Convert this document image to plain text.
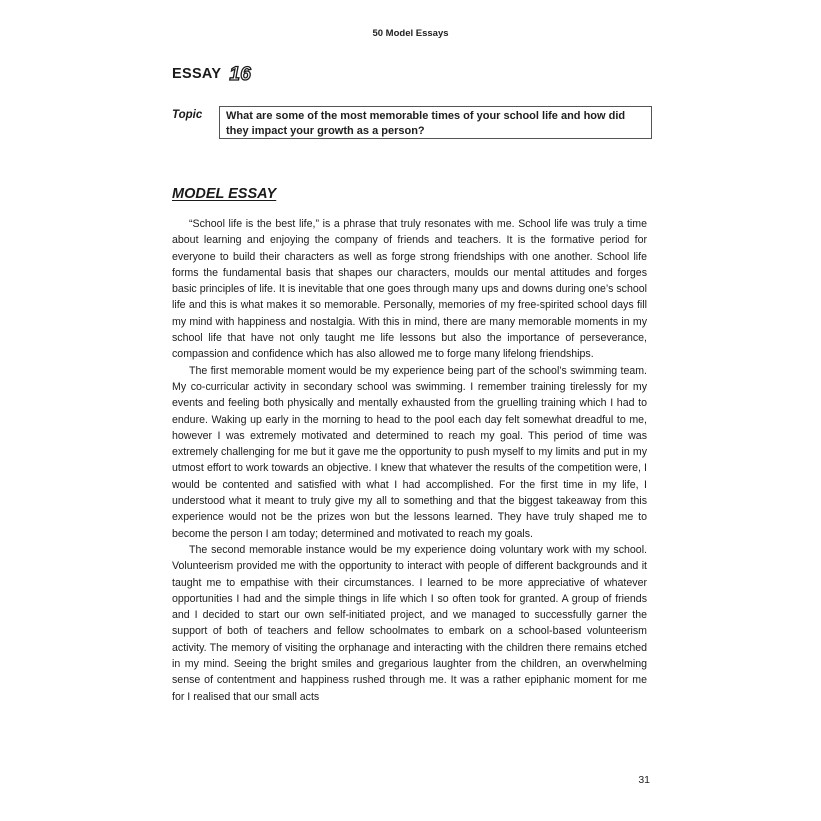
50 Model Essays
ESSAY 16
Topic	What are some of the most memorable times of your school life and how did they impact your growth as a person?
MODEL ESSAY

“School life is the best life,” is a phrase that truly resonates with me. School life was truly a time about learning and enjoying the company of friends and teachers. It is the formative period for everyone to build their characters as well as forge strong friendships with one another. School life forms the fundamental basis that shapes our characters, moulds our mental attitudes and forges basic principles of life. It is inevitable that one goes through many ups and downs during one’s school life and this is what makes it so memorable. Personally, memories of my free-spirited school days fill my mind with happiness and nostalgia. With this in mind, there are many memorable moments in my school life that have not only taught me life lessons but also the importance of perseverance, compassion and confidence which has also allowed me to forge many lifelong friendships.

The first memorable moment would be my experience being part of the school’s swimming team. My co-curricular activity in secondary school was swimming. I remember training tirelessly for my events and feeling both physically and mentally exhausted from the gruelling training which I had to endure. Waking up early in the morning to head to the pool each day felt somewhat dreadful to me, however I was extremely motivated and determined to reach my goal. This period of time was extremely challenging for me but it gave me the opportunity to push myself to my limits and put in my utmost effort to work towards an objective. I knew that whatever the results of the competition were, I would be contented and satisfied with what I had accomplished. For the first time in my life, I understood what it meant to truly give my all to something and that the biggest takeaway from this experience would not be the prizes won but the lessons learned. They have truly shaped me to become the person I am today; determined and motivated to reach my goals.

The second memorable instance would be my experience doing voluntary work with my school. Volunteerism provided me with the opportunity to interact with people of different backgrounds and it taught me to empathise with their circumstances. I learned to be more appreciative of whatever opportunities I had and the simple things in life which I so often took for granted. A group of friends and I decided to start our own self-initiated project, and we managed to successfully garner the support of both of teachers and fellow schoolmates to embark on a school-based volunteerism activity. The memory of visiting the orphanage and interacting with the children there remains etched in my mind. Seeing the bright smiles and gregarious laughter from the children, an overwhelming sense of contentment and happiness rushed through me. It was a rather epiphanic moment for me for I realised that our small acts

31
